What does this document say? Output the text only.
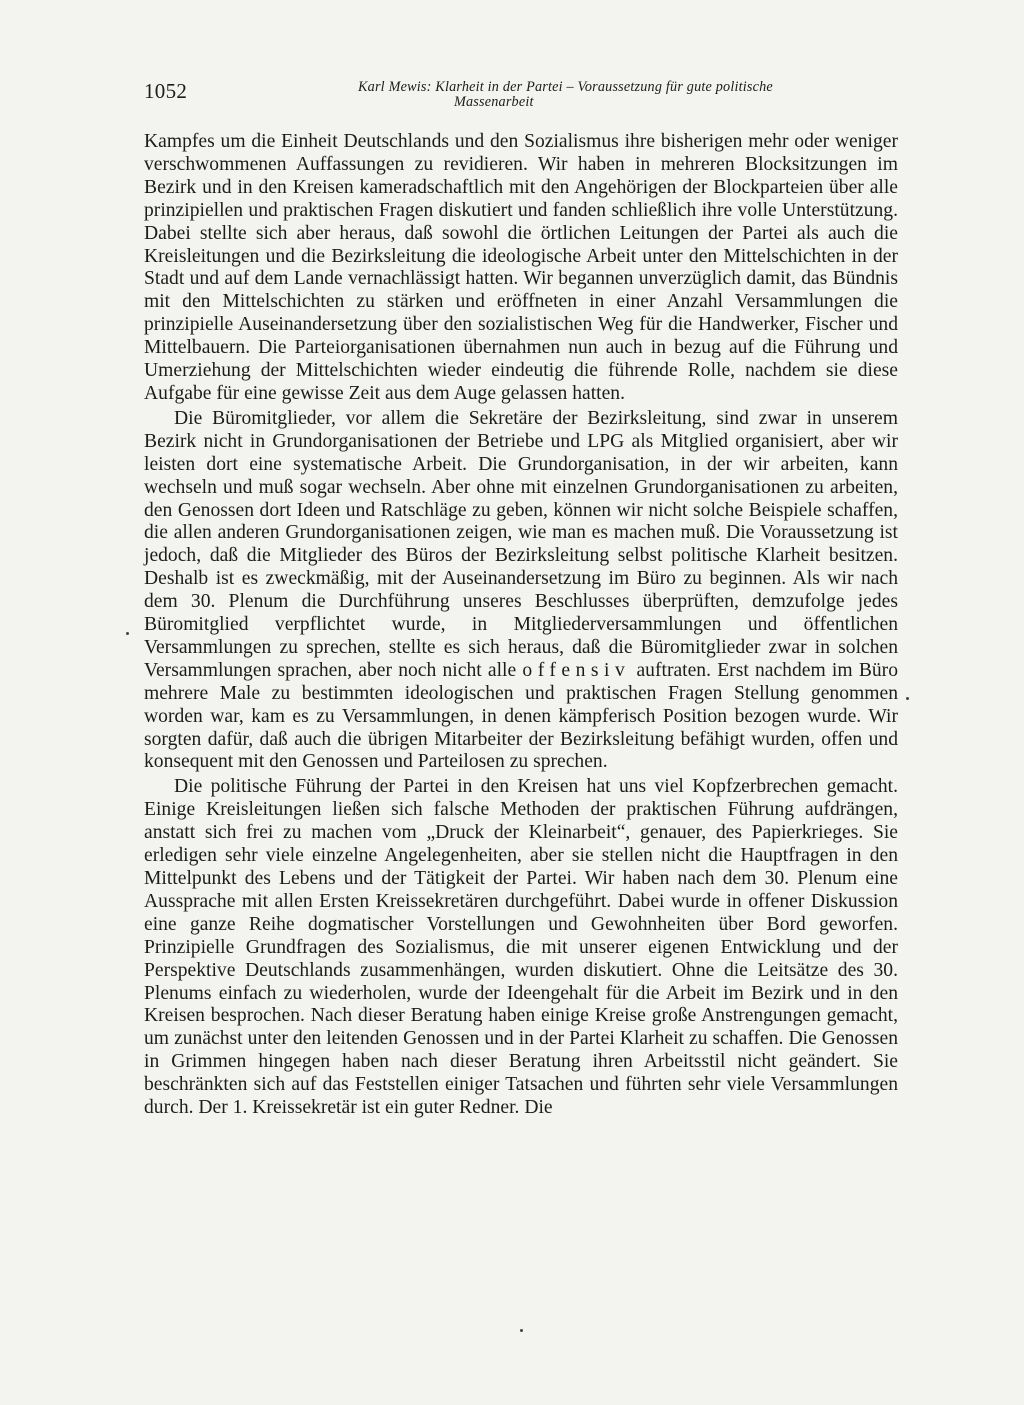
1052	Karl Mewis: Klarheit in der Partei – Voraussetzung für gute politische
Massenarbeit

Kampfes um die Einheit Deutschlands und den Sozialismus ihre bisherigen mehr oder weniger verschwommenen Auffassungen zu revidieren. Wir haben in mehreren Blocksitzungen im Bezirk und in den Kreisen kameradschaftlich mit den Angehörigen der Blockparteien über alle prinzipiellen und praktischen Fragen diskutiert und fanden schließlich ihre volle Unterstützung. Dabei stellte sich aber heraus, daß sowohl die örtlichen Leitungen der Partei als auch die Kreisleitungen und die Bezirksleitung die ideologische Arbeit unter den Mittelschichten in der Stadt und auf dem Lande vernachlässigt hatten. Wir begannen unverzüglich damit, das Bündnis mit den Mittelschichten zu stärken und eröffneten in einer Anzahl Versammlungen die prinzipielle Auseinandersetzung über den sozialistischen Weg für die Handwerker, Fischer und Mittelbauern. Die Parteiorganisationen übernahmen nun auch in bezug auf die Führung und Umerziehung der Mittelschichten wieder eindeutig die führende Rolle, nachdem sie diese Aufgabe für eine gewisse Zeit aus dem Auge gelassen hatten.

Die Büromitglieder, vor allem die Sekretäre der Bezirksleitung, sind zwar in unserem Bezirk nicht in Grundorganisationen der Betriebe und LPG als Mitglied organisiert, aber wir leisten dort eine systematische Arbeit. Die Grundorganisation, in der wir arbeiten, kann wechseln und muß sogar wechseln. Aber ohne mit einzelnen Grundorganisationen zu arbeiten, den Genossen dort Ideen und Ratschläge zu geben, können wir nicht solche Beispiele schaffen, die allen anderen Grundorganisationen zeigen, wie man es machen muß. Die Voraussetzung ist jedoch, daß die Mitglieder des Büros der Bezirksleitung selbst politische Klarheit besitzen. Deshalb ist es zweckmäßig, mit der Auseinandersetzung im Büro zu beginnen. Als wir nach dem 30. Plenum die Durchführung unseres Beschlusses überprüften, demzufolge jedes Büromitglied verpflichtet wurde, in Mitgliederversammlungen und öffentlichen Versammlungen zu sprechen, stellte es sich heraus, daß die Büromitglieder zwar in solchen Versammlungen sprachen, aber noch nicht alle offensiv auftraten. Erst nachdem im Büro mehrere Male zu bestimmten ideologischen und praktischen Fragen Stellung genommen worden war, kam es zu Versammlungen, in denen kämpferisch Position bezogen wurde. Wir sorgten dafür, daß auch die übrigen Mitarbeiter der Bezirksleitung befähigt wurden, offen und konsequent mit den Genossen und Parteilosen zu sprechen.

Die politische Führung der Partei in den Kreisen hat uns viel Kopfzerbrechen gemacht. Einige Kreisleitungen ließen sich falsche Methoden der praktischen Führung aufdrängen, anstatt sich frei zu machen vom „Druck der Kleinarbeit“, genauer, des Papierkrieges. Sie erledigen sehr viele einzelne Angelegenheiten, aber sie stellen nicht die Hauptfragen in den Mittelpunkt des Lebens und der Tätigkeit der Partei. Wir haben nach dem 30. Plenum eine Aussprache mit allen Ersten Kreissekretären durchgeführt. Dabei wurde in offener Diskussion eine ganze Reihe dogmatischer Vorstellungen und Gewohnheiten über Bord geworfen. Prinzipielle Grundfragen des Sozialismus, die mit unserer eigenen Entwicklung und der Perspektive Deutschlands zusammenhängen, wurden diskutiert. Ohne die Leitsätze des 30. Plenums einfach zu wiederholen, wurde der Ideengehalt für die Arbeit im Bezirk und in den Kreisen besprochen. Nach dieser Beratung haben einige Kreise große Anstrengungen gemacht, um zunächst unter den leitenden Genossen und in der Partei Klarheit zu schaffen. Die Genossen in Grimmen hingegen haben nach dieser Beratung ihren Arbeitsstil nicht geändert. Sie beschränkten sich auf das Feststellen einiger Tatsachen und führten sehr viele Versammlungen durch. Der 1. Kreissekretär ist ein guter Redner. Die
